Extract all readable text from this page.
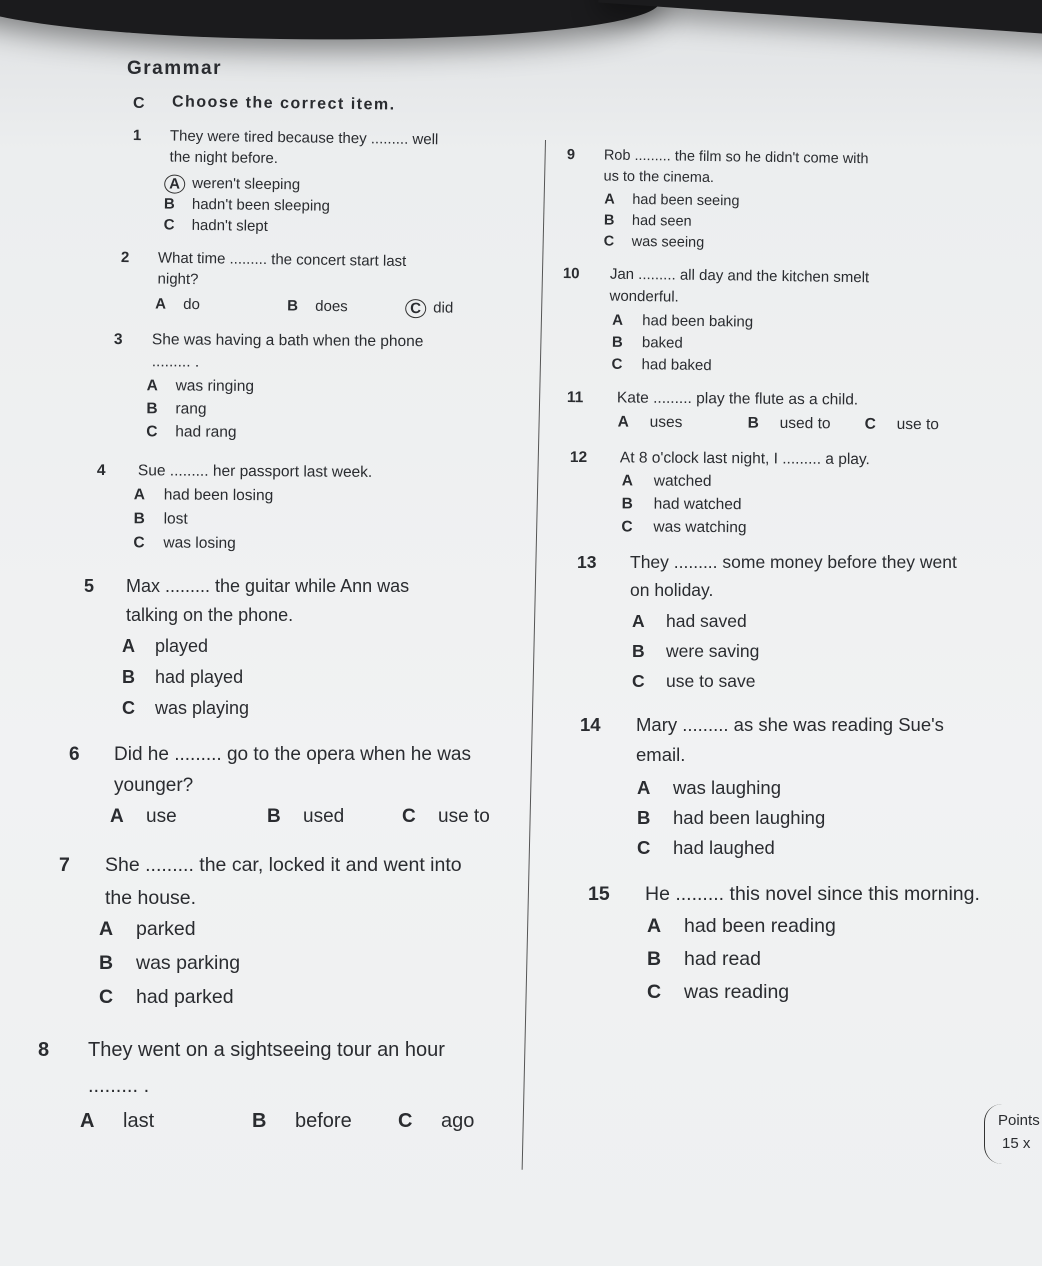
Grammar
C Choose the correct item.
1 They were tired because they ......... well
the night before.
A weren't sleeping
B hadn't been sleeping
C hadn't slept
2 What time ......... the concert start last
night?
A do	B does	C did
3 She was having a bath when the phone
......... .
A was ringing
B rang
C had rang
4 Sue ......... her passport last week.
A had been losing
B lost
C was losing
5 Max ......... the guitar while Ann was
talking on the phone.
A played
B had played
C was playing
6 Did he ......... go to the opera when he was
younger?
A use	B used	C use to
7 She ......... the car, locked it and went into
the house.
A parked
B was parking
C had parked
8 They went on a sightseeing tour an hour
......... .
A last	B before C ago
9 Rob ......... the film so he didn't come with
us to the cinema.
A had been seeing
B had seen
C was seeing
10 Jan ......... all day and the kitchen smelt
wonderful.
A had been baking
B baked
C had baked
11 Kate ......... play the flute as a child.
A uses	B used to C use to
12 At 8 o'clock last night, I ......... a play.
A watched
B had watched
C was watching
13 They ......... some money before they went
on holiday.
A had saved
B were saving
C use to save
14 Mary ......... as she was reading Sue's
email.
A was laughing
B had been laughing
C had laughed
15 He ......... this novel since this morning.
A had been reading
B had read
C was reading
Points
15 x
